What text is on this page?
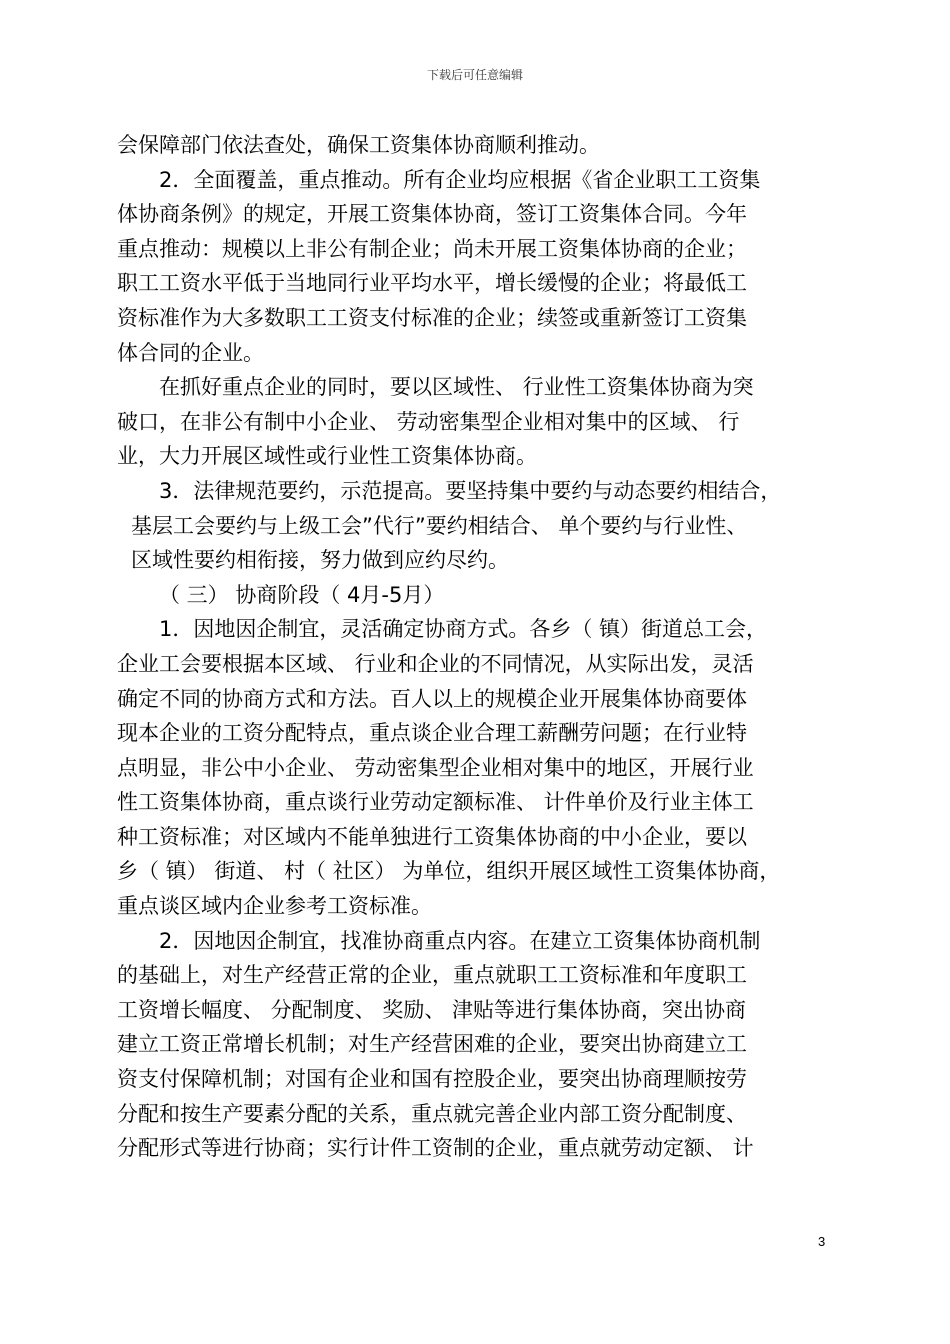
下载后可任意编辑
会保障部门依法查处，确保工资集体协商顺利推动。
2．全面覆盖，重点推动。所有企业均应根据《省企业职工工资集
体协商条例》的规定，开展工资集体协商，签订工资集体合同。今年
重点推动：规模以上非公有制企业；尚未开展工资集体协商的企业；
职工工资水平低于当地同行业平均水平，增长缓慢的企业；将最低工
资标准作为大多数职工工资支付标准的企业；续签或重新签订工资集
体合同的企业。
在抓好重点企业的同时，要以区域性、 行业性工资集体协商为突
破口，在非公有制中小企业、 劳动密集型企业相对集中的区域、 行
业，大力开展区域性或行业性工资集体协商。
3．法律规范要约，示范提高。要坚持集中要约与动态要约相结合，
基层工会要约与上级工会”代行”要约相结合、 单个要约与行业性、
区域性要约相衔接，努力做到应约尽约。
（ 三） 协商阶段（ 4月-5月）
1．因地因企制宜，灵活确定协商方式。各乡（ 镇）街道总工会，
企业工会要根据本区域、 行业和企业的不同情况，从实际出发，灵活
确定不同的协商方式和方法。百人以上的规模企业开展集体协商要体
现本企业的工资分配特点，重点谈企业合理工薪酬劳问题；在行业特
点明显，非公中小企业、 劳动密集型企业相对集中的地区，开展行业
性工资集体协商，重点谈行业劳动定额标准、 计件单价及行业主体工
种工资标准；对区域内不能单独进行工资集体协商的中小企业，要以
乡（ 镇） 街道、 村（ 社区） 为单位，组织开展区域性工资集体协商，
重点谈区域内企业参考工资标准。
2．因地因企制宜，找准协商重点内容。在建立工资集体协商机制
的基础上，对生产经营正常的企业，重点就职工工资标准和年度职工
工资增长幅度、 分配制度、 奖励、 津贴等进行集体协商，突出协商
建立工资正常增长机制；对生产经营困难的企业，要突出协商建立工
资支付保障机制；对国有企业和国有控股企业，要突出协商理顺按劳
分配和按生产要素分配的关系，重点就完善企业内部工资分配制度、
分配形式等进行协商；实行计件工资制的企业，重点就劳动定额、 计
3
